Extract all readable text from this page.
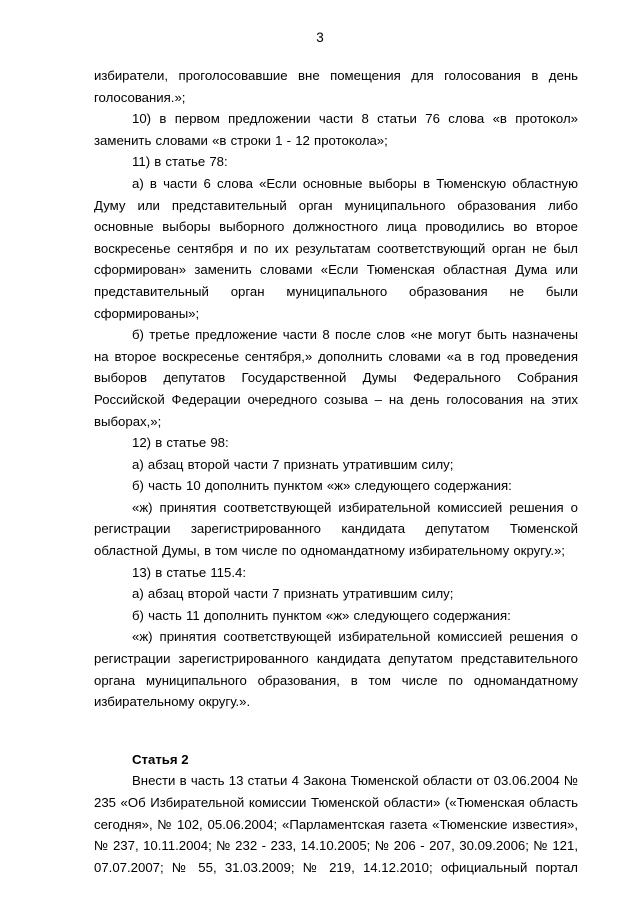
3

избиратели, проголосовавшие вне помещения для голосования в день голосования.»;

10) в первом предложении части 8 статьи 76 слова «в протокол» заменить словами «в строки 1 - 12 протокола»;

11) в статье 78:

а) в части 6 слова «Если основные выборы в Тюменскую областную Думу или представительный орган муниципального образования либо основные выборы выборного должностного лица проводились во второе воскресенье сентября и по их результатам соответствующий орган не был сформирован» заменить словами «Если Тюменская областная Дума или представительный орган муниципального образования не были сформированы»;

б) третье предложение части 8 после слов «не могут быть назначены на второе воскресенье сентября,» дополнить словами «а в год проведения выборов депутатов Государственной Думы Федерального Собрания Российской Федерации очередного созыва – на день голосования на этих выборах,»;

12) в статье 98:

а) абзац второй части 7 признать утратившим силу;

б) часть 10 дополнить пунктом «ж» следующего содержания:

«ж) принятия соответствующей избирательной комиссией решения о регистрации зарегистрированного кандидата депутатом Тюменской областной Думы, в том числе по одномандатному избирательному округу.»;

13) в статье 115.4:

а) абзац второй части 7 признать утратившим силу;

б) часть 11 дополнить пунктом «ж» следующего содержания:

«ж) принятия соответствующей избирательной комиссией решения о регистрации зарегистрированного кандидата депутатом представительного органа муниципального образования, в том числе по одномандатному избирательному округу.».

Статья 2

Внести в часть 13 статьи 4 Закона Тюменской области от 03.06.2004 № 235 «Об Избирательной комиссии Тюменской области» («Тюменская область сегодня», № 102, 05.06.2004; «Парламентская газета «Тюменские известия», № 237, 10.11.2004; № 232 - 233, 14.10.2005; № 206 - 207, 30.09.2006; № 121, 07.07.2007; № 55, 31.03.2009; № 219, 14.12.2010; официальный портал
